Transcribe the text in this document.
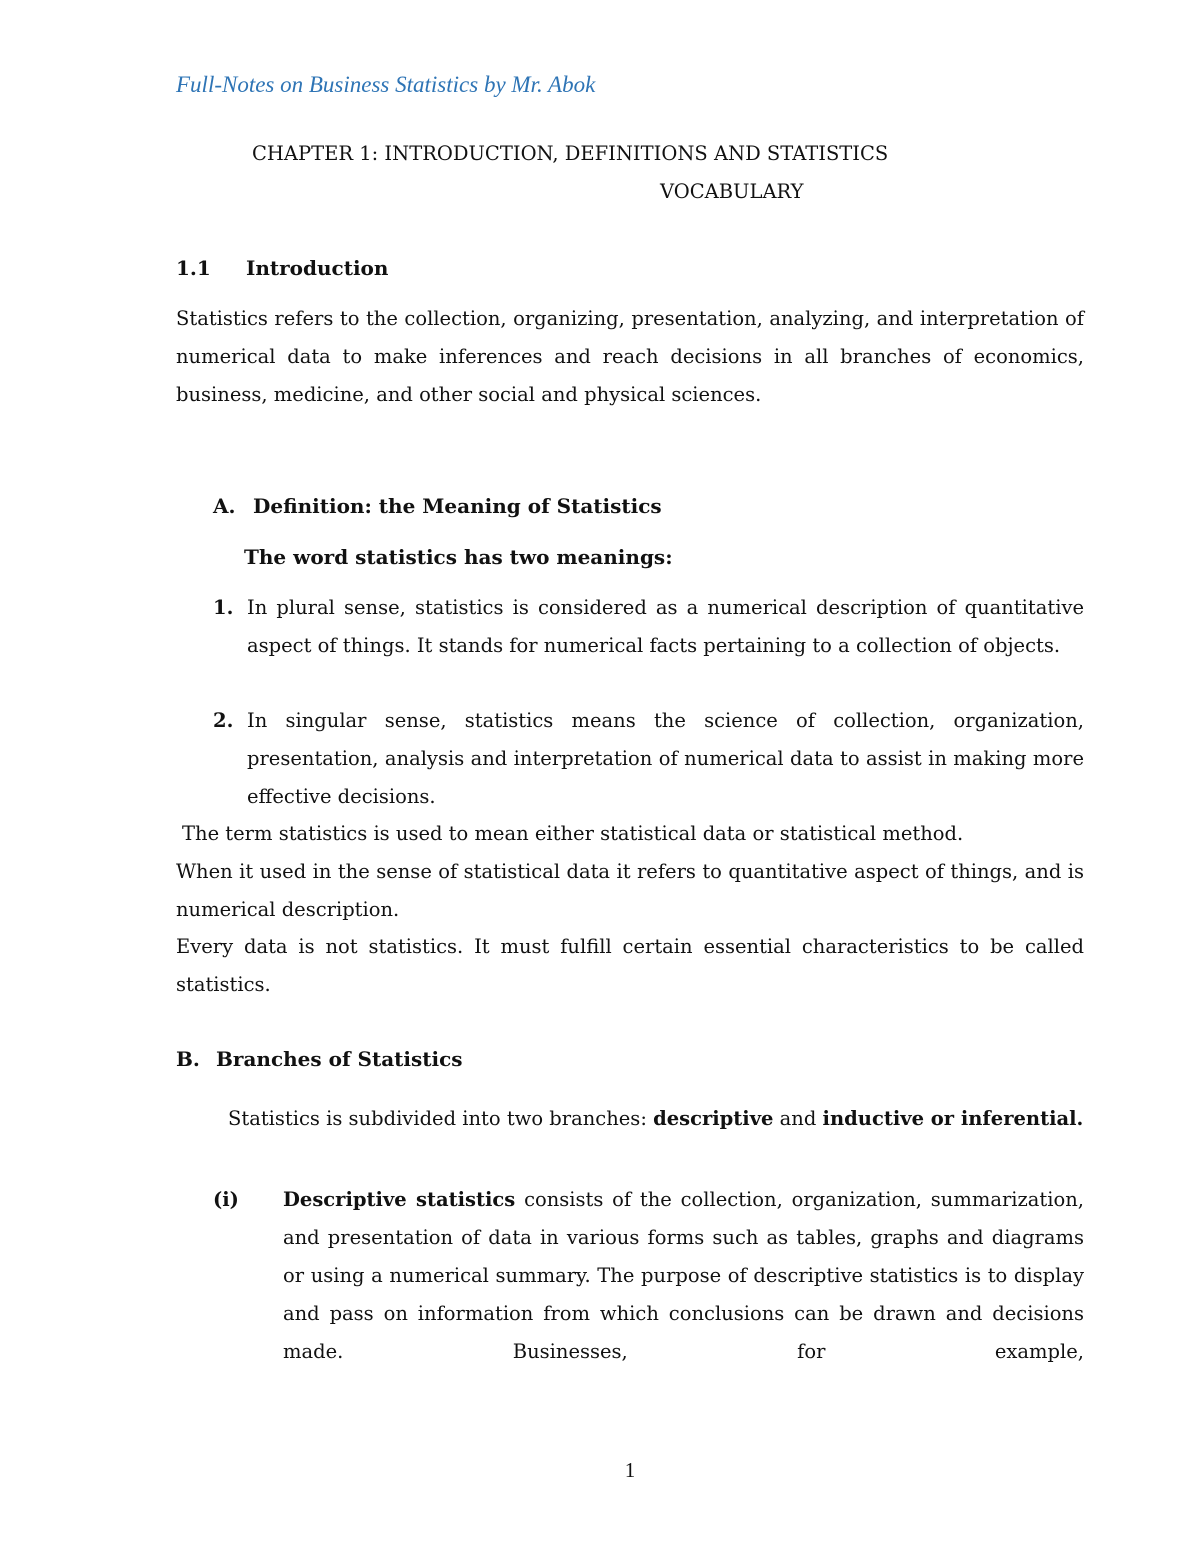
Full-Notes on Business Statistics by Mr. Abok
CHAPTER 1: INTRODUCTION, DEFINITIONS AND STATISTICS
VOCABULARY
1.1 Introduction
Statistics refers to the collection, organizing, presentation, analyzing, and interpretation of numerical data to make inferences and reach decisions in all branches of economics, business, medicine, and other social and physical sciences.
A. Definition: the Meaning of Statistics
The word statistics has two meanings:
1. In plural sense, statistics is considered as a numerical description of quantitative aspect of things. It stands for numerical facts pertaining to a collection of objects.
2. In singular sense, statistics means the science of collection, organization, presentation, analysis and interpretation of numerical data to assist in making more effective decisions.
The term statistics is used to mean either statistical data or statistical method.
When it used in the sense of statistical data it refers to quantitative aspect of things, and is numerical description.
Every data is not statistics. It must fulfill certain essential characteristics to be called statistics.
B. Branches of Statistics
Statistics is subdivided into two branches: descriptive and inductive or inferential.
(i) Descriptive statistics consists of the collection, organization, summarization, and presentation of data in various forms such as tables, graphs and diagrams or using a numerical summary. The purpose of descriptive statistics is to display and pass on information from which conclusions can be drawn and decisions made. Businesses, for example,
1
